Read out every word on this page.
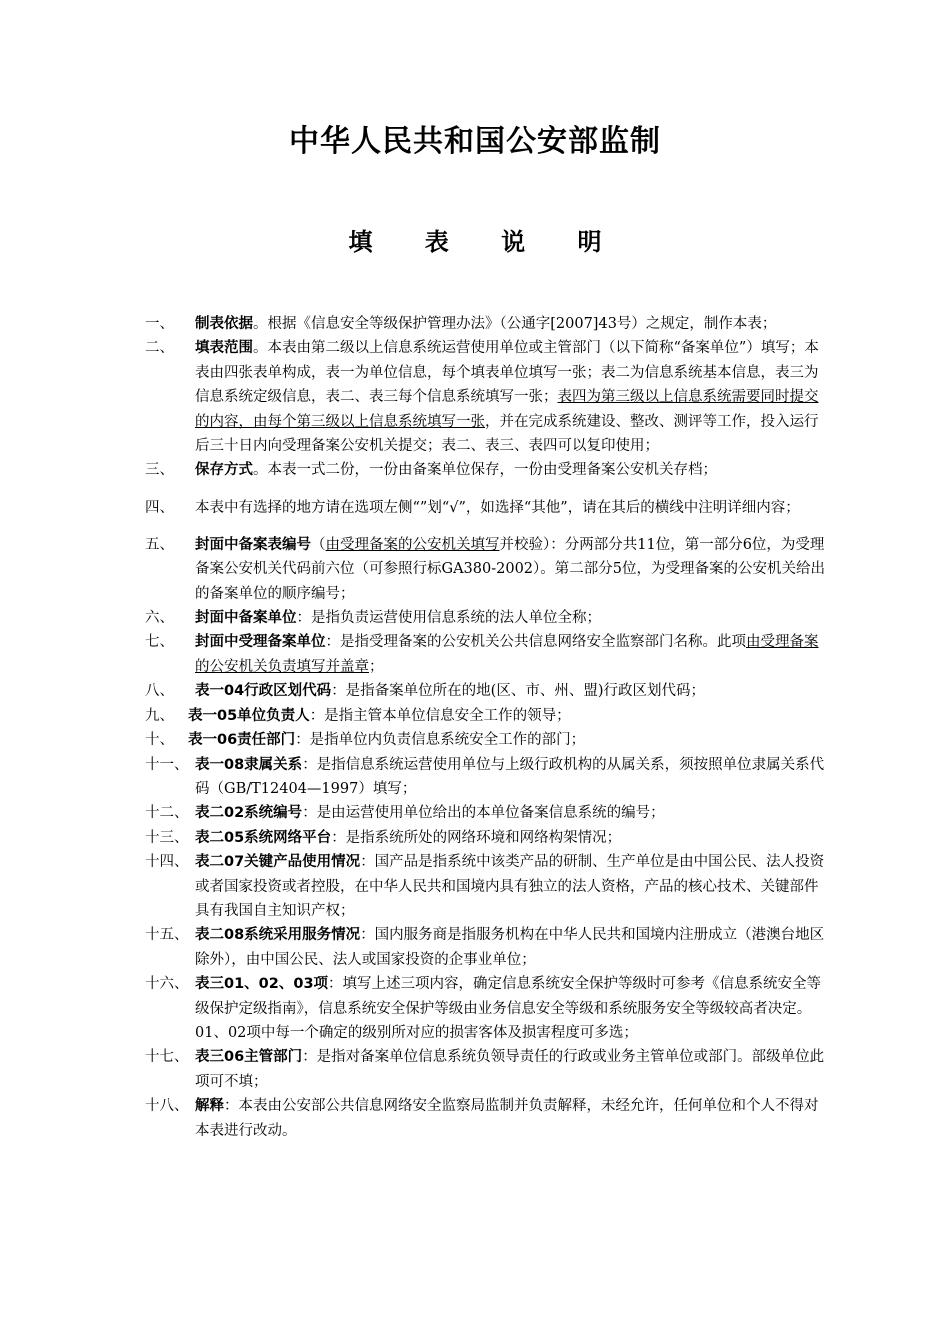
中华人民共和国公安部监制
填 表 说 明
一、 制表依据。根据《信息安全等级保护管理办法》（公通字[2007]43号）之规定，制作本表；
二、 填表范围。本表由第二级以上信息系统运营使用单位或主管部门（以下简称“备案单位”）填写；本表由四张表单构成，表一为单位信息，每个填表单位填写一张；表二为信息系统基本信息，表三为信息系统定级信息，表二、表三每个信息系统填写一张；表四为第三级以上信息系统需要同时提交的内容，由每个第三级以上信息系统填写一张，并在完成系统建设、整改、测评等工作，投入运行后三十日内向受理备案公安机关提交；表二、表三、表四可以复印使用；
三、 保存方式。本表一式二份，一份由备案单位保存，一份由受理备案公安机关存档；
四、 本表中有选择的地方请在选项左侧“”划“√”，如选择“其他”，请在其后的横线中注明详细内容；
五、 封面中备案表编号（由受理备案的公安机关填写并校验）：分两部分共11位，第一部分6位，为受理备案公安机关代码前六位（可参照行标GA380-2002）。第二部分5位，为受理备案的公安机关给出的备案单位的顺序编号；
六、 封面中备案单位：是指负责运营使用信息系统的法人单位全称；
七、 封面中受理备案单位：是指受理备案的公安机关公共信息网络安全监察部门名称。此项由受理备案的公安机关负责填写并盖章；
八、 表一04行政区划代码：是指备案单位所在的地(区、市、州、盟)行政区划代码；
九、 表一05单位负责人：是指主管本单位信息安全工作的领导；
十、 表一06责任部门：是指单位内负责信息系统安全工作的部门；
十一、 表一08隶属关系：是指信息系统运营使用单位与上级行政机构的从属关系，须按照单位隶属关系代码（GB/T12404—1997）填写；
十二、 表二02系统编号：是由运营使用单位给出的本单位备案信息系统的编号；
十三、 表二05系统网络平台：是指系统所处的网络环境和网络构架情况；
十四、 表二07关键产品使用情况：国产品是指系统中该类产品的研制、生产单位是由中国公民、法人投资或者国家投资或者控股，在中华人民共和国境内具有独立的法人资格，产品的核心技术、关键部件具有我国自主知识产权；
十五、 表二08系统采用服务情况：国内服务商是指服务机构在中华人民共和国境内注册成立（港澳台地区除外），由中国公民、法人或国家投资的企事业单位；
十六、 表三01、02、03项：填写上述三项内容，确定信息系统安全保护等级时可参考《信息系统安全等级保护定级指南》，信息系统安全保护等级由业务信息安全等级和系统服务安全等级较高者决定。01、02项中每一个确定的级别所对应的损害客体及损害程度可多选；
十七、 表三06主管部门：是指对备案单位信息系统负领导责任的行政或业务主管单位或部门。部级单位此项可不填；
十八、 解释：本表由公安部公共信息网络安全监察局监制并负责解释，未经允许，任何单位和个人不得对本表进行改动。
